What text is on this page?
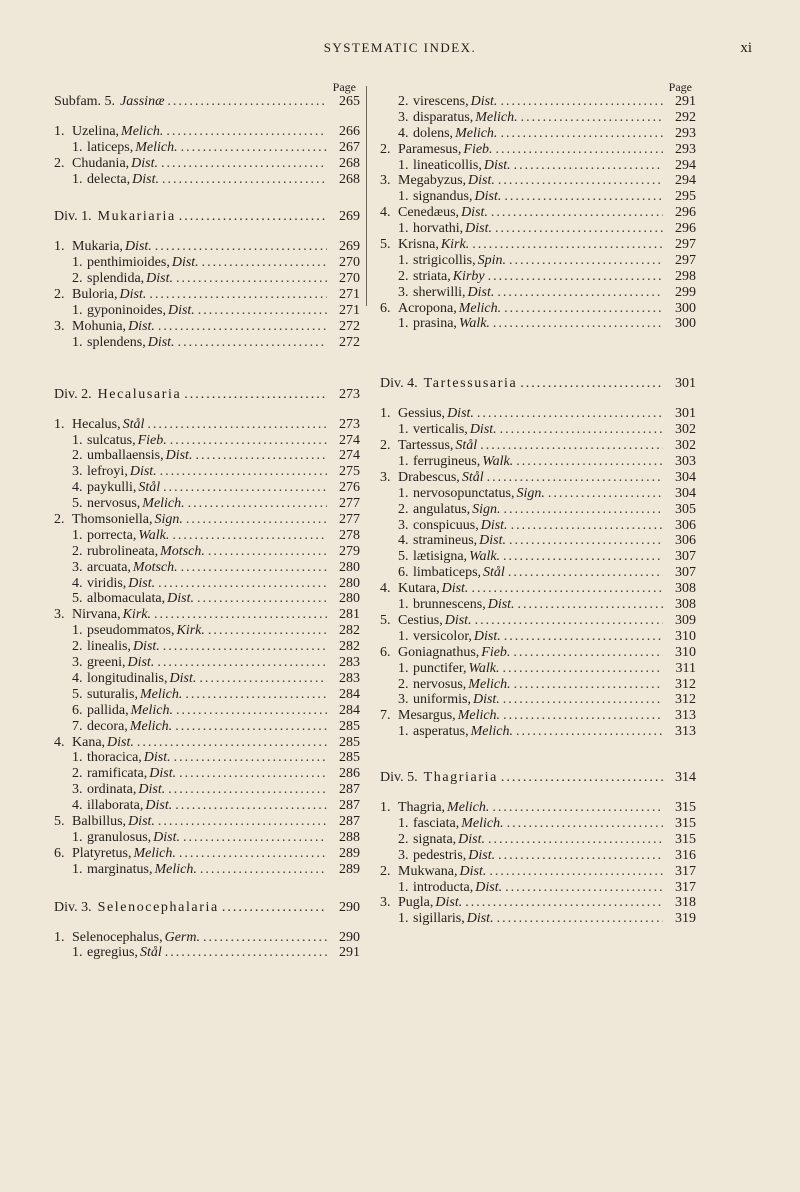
SYSTEMATIC INDEX.	xi
Page
Subfam. 5. Jassinæ .....	265
1. Uzelina, Melich. .....	266
1. laticeps, Melich. .....	267
2. Chudania, Dist. .....	268
1. delecta, Dist. .....	268
Div. 1. Mukariaria .....	269
1. Mukaria, Dist. .....	269
1. penthimioides, Dist. .....	270
2. splendida, Dist. .....	270
2. Buloria, Dist. .....	271
1. gyponinoides, Dist. .....	271
3. Mohunia, Dist. .....	272
1. splendens, Dist. .....	272
Div. 2. Hecalusaria .....	273
1. Hecalus, Stål .....	273
1. sulcatus, Fieb. .....	274
2. umballaensis, Dist. .....	274
3. lefroyi, Dist. .....	275
4. paykulli, Stål .....	276
5. nervosus, Melich. .....	277
2. Thomsoniella, Sign. .....	277
1. porrecta, Walk. .....	278
2. rubrolineata, Motsch. .....	279
3. arcuata, Motsch. .....	280
4. viridis, Dist. .....	280
5. albomaculata, Dist. .....	280
3. Nirvana, Kirk. .....	281
1. pseudommatos, Kirk. .....	282
2. linealis, Dist. .....	282
3. greeni, Dist. .....	283
4. longitudinalis, Dist. .....	283
5. suturalis, Melich. .....	284
6. pallida, Melich. .....	284
7. decora, Melich. .....	285
4. Kana, Dist. .....	285
1. thoracica, Dist. .....	285
2. ramificata, Dist. .....	286
3. ordinata, Dist. .....	287
4. illaborata, Dist. .....	287
5. Balbillus, Dist. .....	287
1. granulosus, Dist. .....	288
6. Platyretus, Melich. .....	289
1. marginatus, Melich. .....	289
Div. 3. Selenocephalaria .....	290
1. Selenocephalus, Germ. .....	290
1. egregius, Stål .....	291
Page
2. virescens, Dist. .....	291
3. disparatus, Melich. .....	292
4. dolens, Melich. .....	293
2. Paramesus, Fieb. .....	293
1. lineaticollis, Dist. .....	294
3. Megabyzus, Dist. .....	294
1. signandus, Dist. .....	295
4. Cenedæus, Dist. .....	296
1. horvathi, Dist. .....	296
5. Krisna, Kirk. .....	297
1. strigicollis, Spin. .....	297
2. striata, Kirby .....	298
3. sherwilli, Dist. .....	299
6. Acropona, Melich. .....	300
1. prasina, Walk. .....	300
Div. 4. Tartessusaria .....	301
1. Gessius, Dist. .....	301
1. verticalis, Dist. .....	302
2. Tartessus, Stål .....	302
1. ferrugineus, Walk. .....	303
3. Drabescus, Stål .....	304
1. nervosopunctatus, Sign. .....	304
2. angulatus, Sign. .....	305
3. conspicuus, Dist. .....	306
4. stramineus, Dist. .....	306
5. lætisigna, Walk. .....	307
6. limbaticeps, Stål .....	307
4. Kutara, Dist. .....	308
1. brunnescens, Dist. .....	308
5. Cestius, Dist. .....	309
1. versicolor, Dist. .....	310
6. Goniagnathus, Fieb. .....	310
1. punctifer, Walk. .....	311
2. nervosus, Melich. .....	312
3. uniformis, Dist. .....	312
7. Mesargus, Melich. .....	313
1. asperatus, Melich. .....	313
Div. 5. Thagriaria .....	314
1. Thagria, Melich. .....	315
1. fasciata, Melich. .....	315
2. signata, Dist. .....	315
3. pedestris, Dist. .....	316
2. Mukwana, Dist. .....	317
1. introducta, Dist. .....	317
3. Pugla, Dist. .....	318
1. sigillaris, Dist. .....	319
